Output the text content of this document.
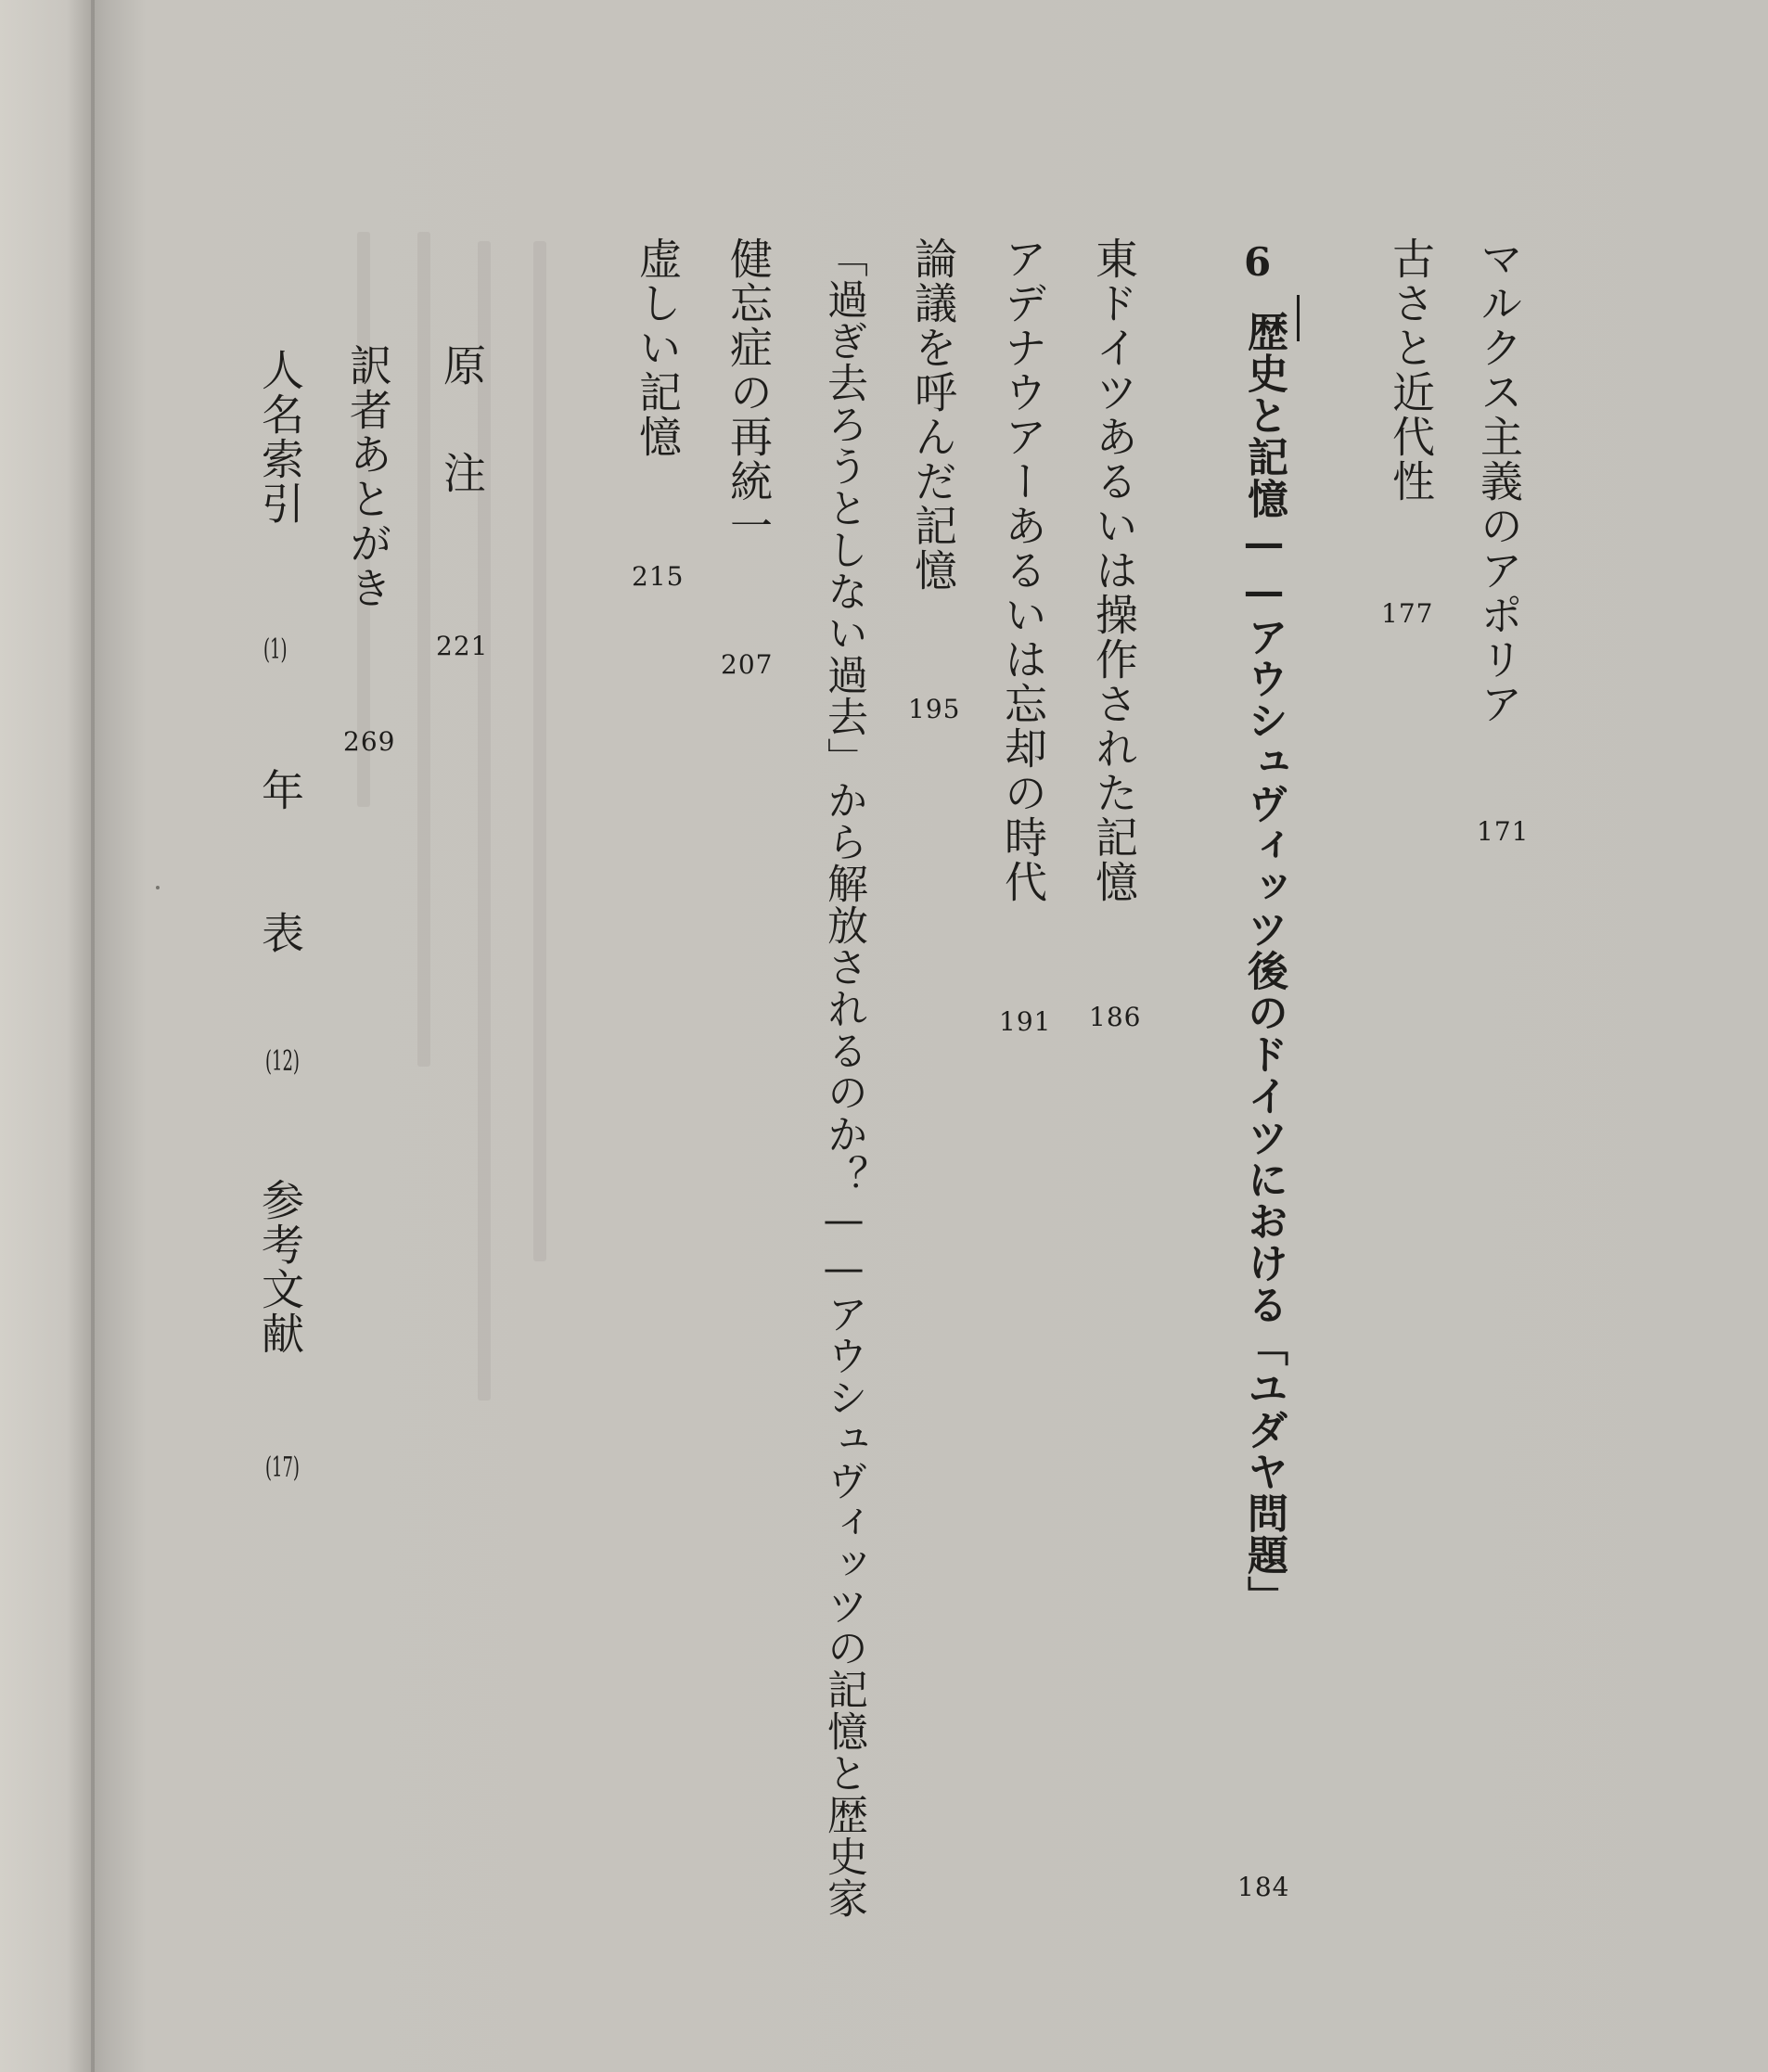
マルクス主義のアポリア
171
古さと近代性
177
6
歴史と記憶——アウシュヴィッツ後のドイツにおける「ユダヤ問題」
184
東ドイツあるいは操作された記憶
186
アデナウアーあるいは忘却の時代
191
論議を呼んだ記憶
195
「過ぎ去ろうとしない過去」から解放されるのか？——アウシュヴィッツの記憶と歴史家
健忘症の再統一
207
虚しい記憶
215
原　注
221
訳者あとがき
269
人名索引
(1)
年
表
(12)
参考文献
(17)
